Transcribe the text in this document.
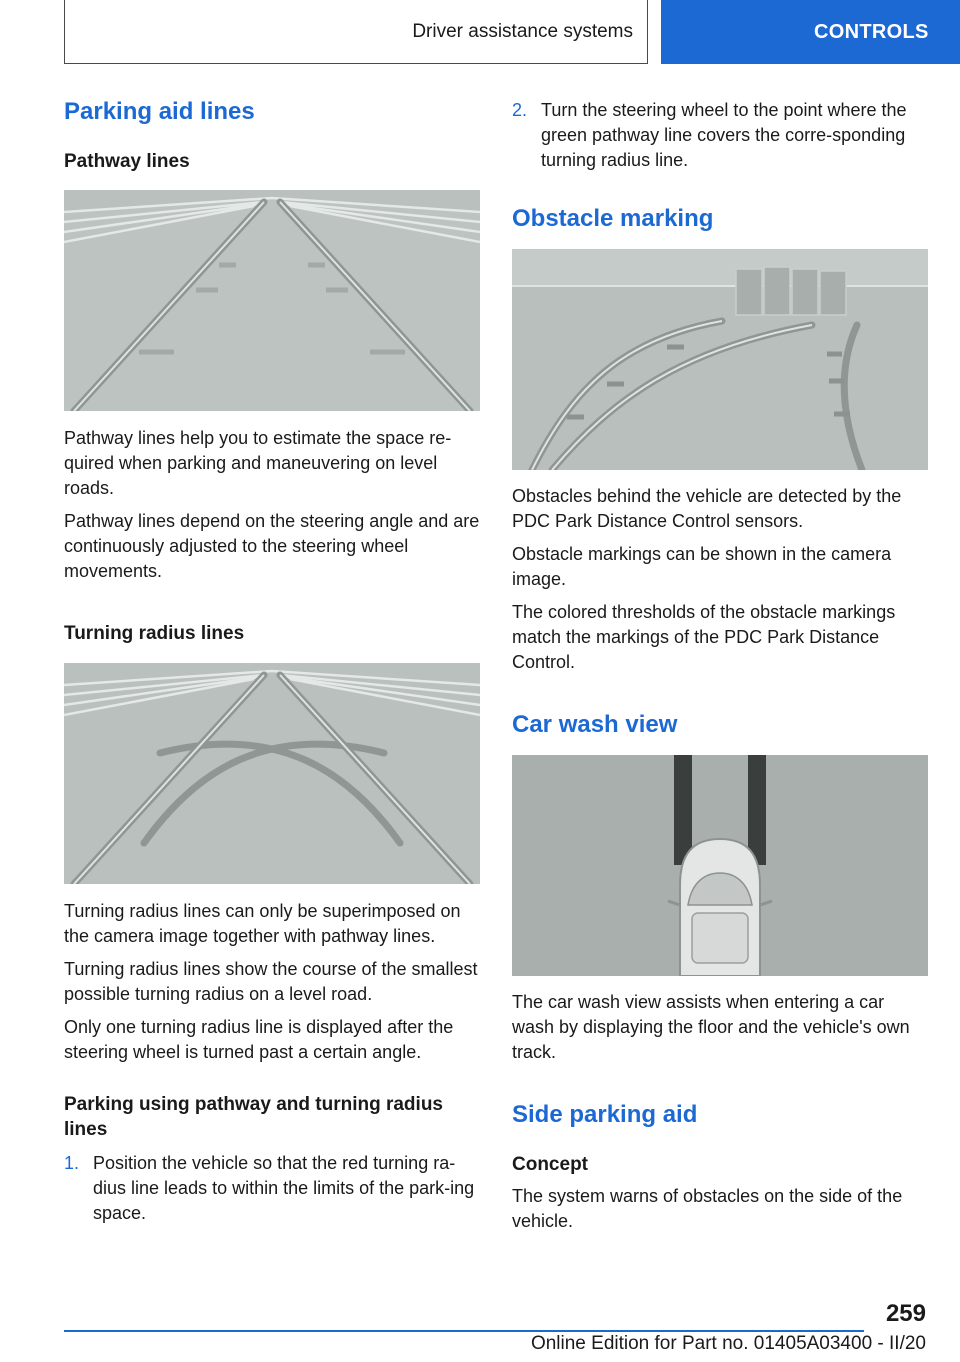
Driver assistance systems	CONTROLS
Parking aid lines
Pathway lines

Pathway lines help you to estimate the space re‐quired when parking and maneuvering on level roads.

Pathway lines depend on the steering angle and are continuously adjusted to the steering wheel movements.

Turning radius lines

Turning radius lines can only be superimposed on the camera image together with pathway lines.

Turning radius lines show the course of the smallest possible turning radius on a level road.

Only one turning radius line is displayed after the steering wheel is turned past a certain angle.

Parking using pathway and turning radius lines
1. Position the vehicle so that the red turning ra‐dius line leads to within the limits of the park‐ing space.
2. Turn the steering wheel to the point where the green pathway line covers the corre‐sponding turning radius line.
Obstacle marking

Obstacles behind the vehicle are detected by the PDC Park Distance Control sensors.

Obstacle markings can be shown in the camera image.

The colored thresholds of the obstacle markings match the markings of the PDC Park Distance Control.

Car wash view

The car wash view assists when entering a car wash by displaying the floor and the vehicle's own track.

Side parking aid
Concept

The system warns of obstacles on the side of the vehicle.

259
Online Edition for Part no. 01405A03400 - II/20
